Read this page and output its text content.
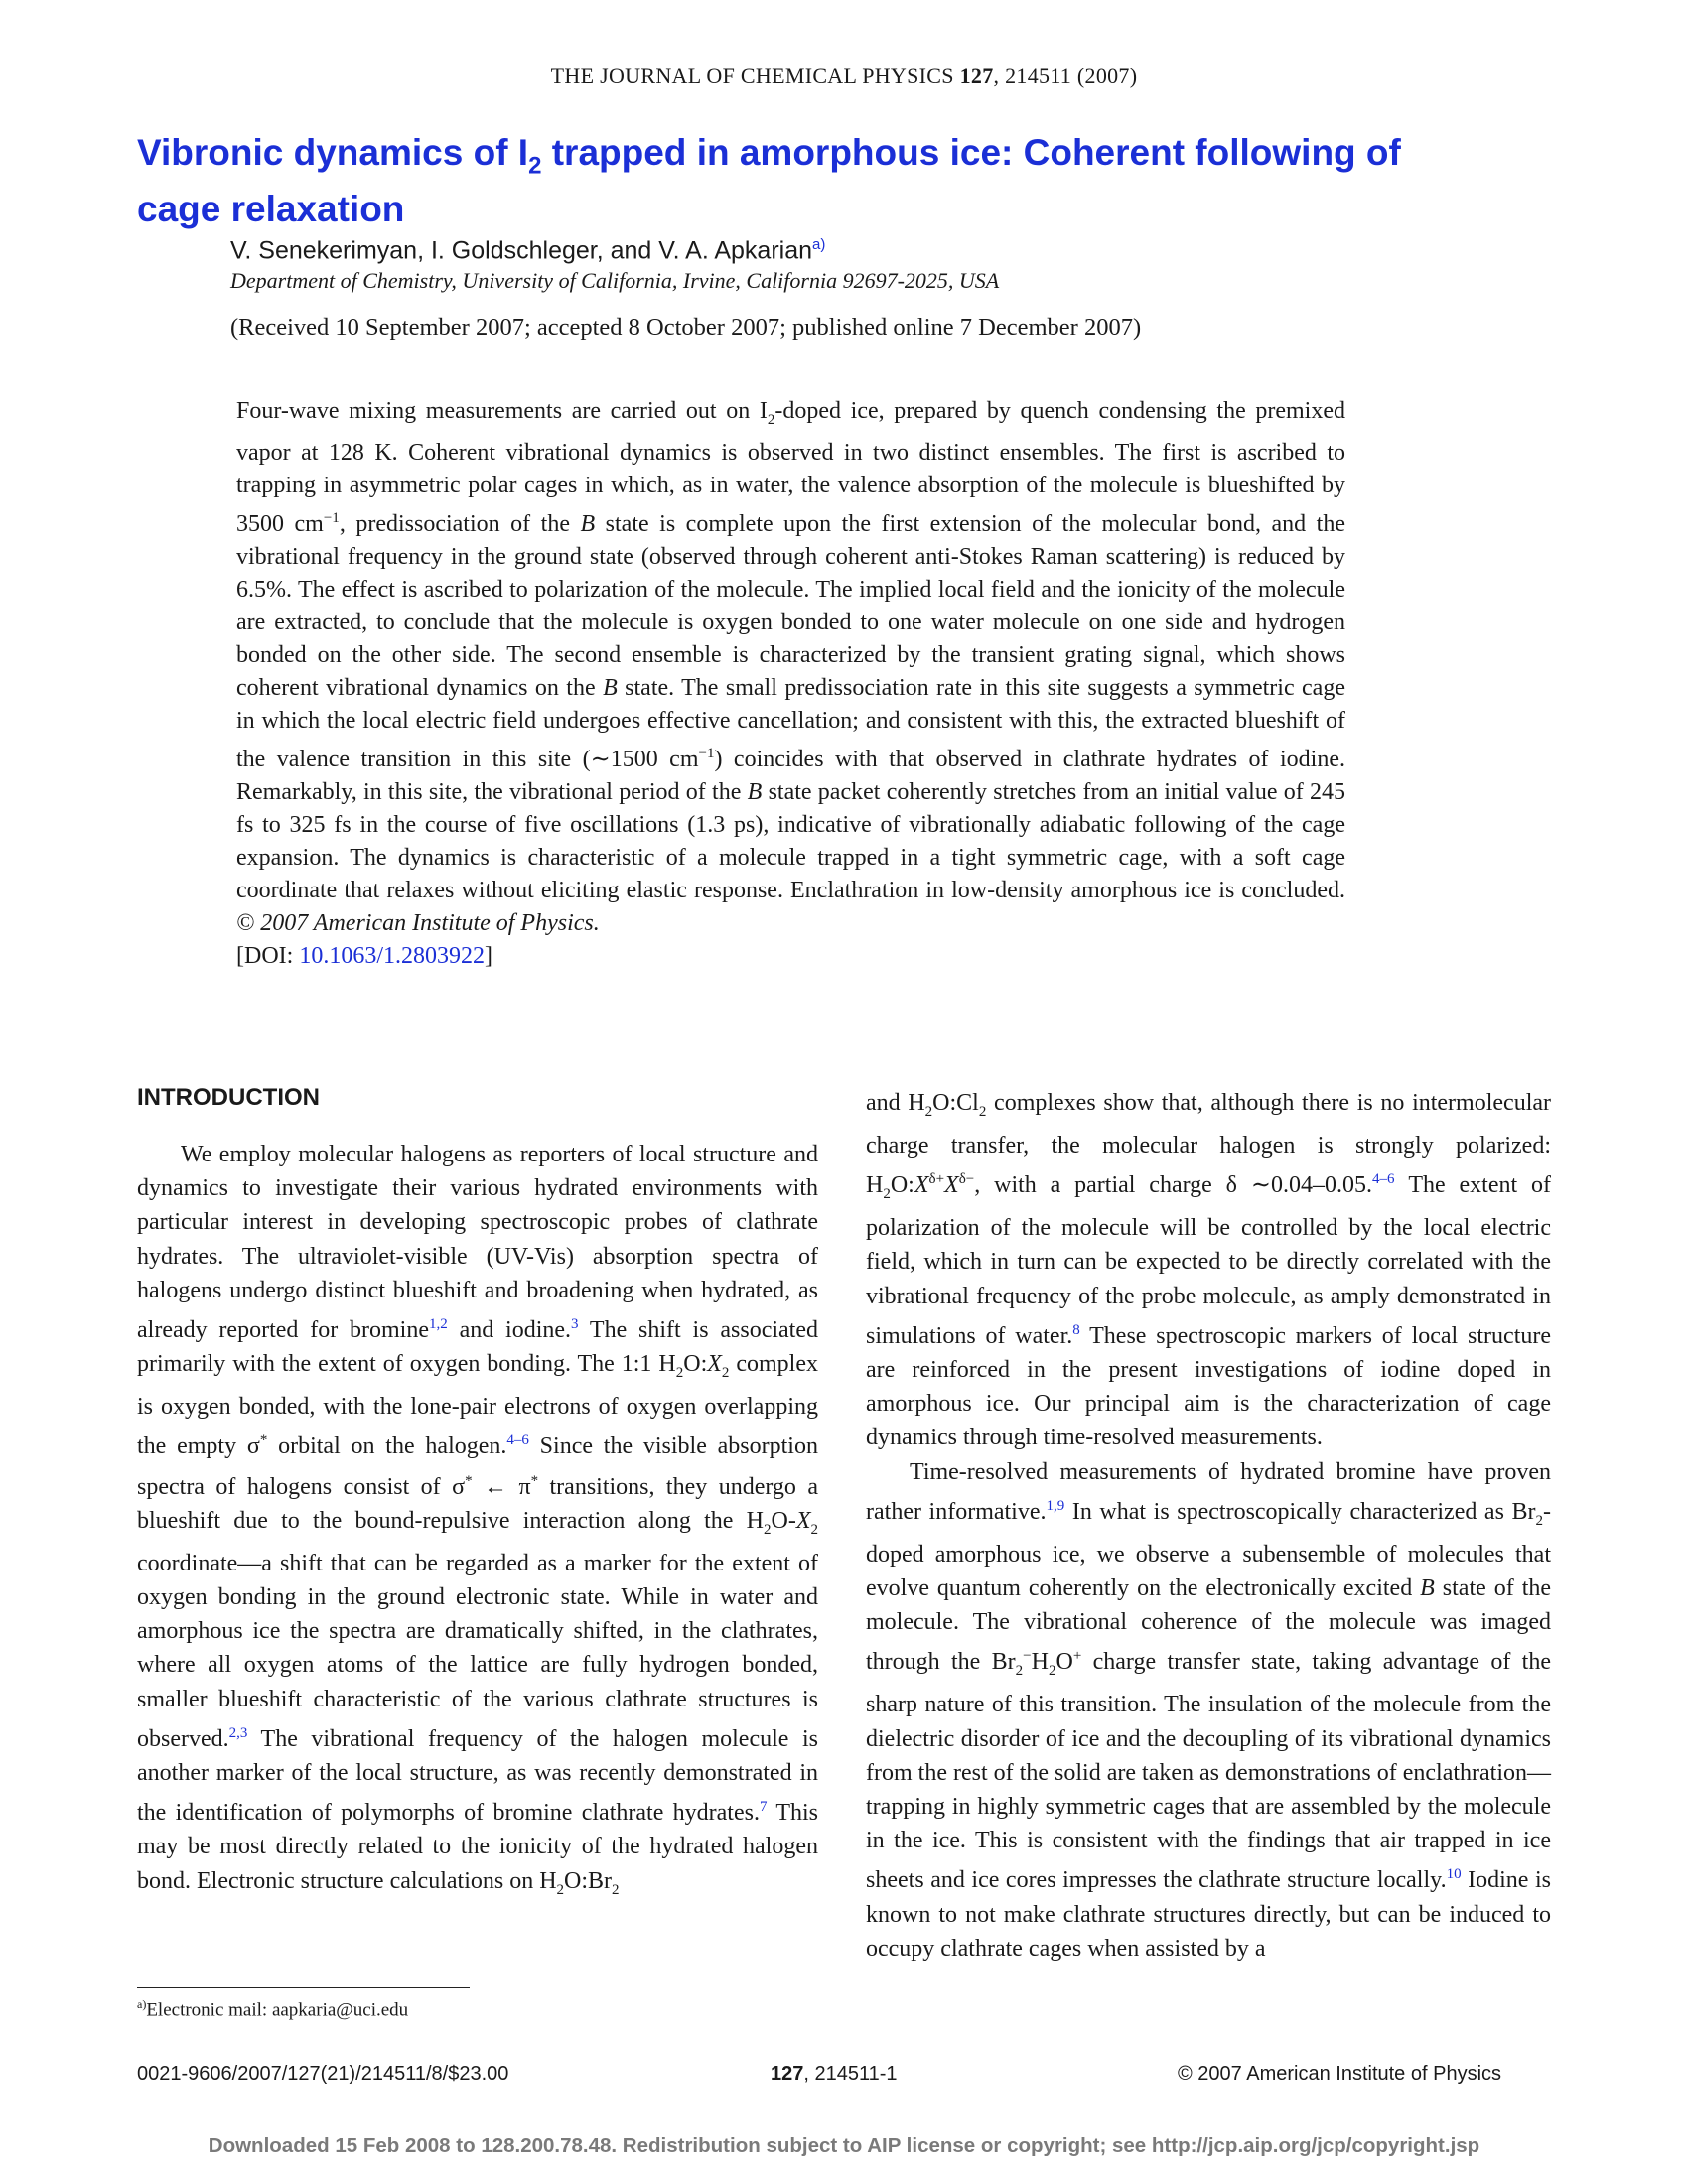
THE JOURNAL OF CHEMICAL PHYSICS 127, 214511 (2007)
Vibronic dynamics of $I_2$ trapped in amorphous ice: Coherent following of cage relaxation
V. Senekerimyan, I. Goldschleger, and V. A. Apkarian$^{a)}$
Department of Chemistry, University of California, Irvine, California 92697-2025, USA
(Received 10 September 2007; accepted 8 October 2007; published online 7 December 2007)
Four-wave mixing measurements are carried out on $I_2$-doped ice, prepared by quench condensing the premixed vapor at 128 K. Coherent vibrational dynamics is observed in two distinct ensembles. The first is ascribed to trapping in asymmetric polar cages in which, as in water, the valence absorption of the molecule is blueshifted by 3500 $cm^{-1}$, predissociation of the B state is complete upon the first extension of the molecular bond, and the vibrational frequency in the ground state (observed through coherent anti-Stokes Raman scattering) is reduced by 6.5%. The effect is ascribed to polarization of the molecule. The implied local field and the ionicity of the molecule are extracted, to conclude that the molecule is oxygen bonded to one water molecule on one side and hydrogen bonded on the other side. The second ensemble is characterized by the transient grating signal, which shows coherent vibrational dynamics on the B state. The small predissociation rate in this site suggests a symmetric cage in which the local electric field undergoes effective cancellation; and consistent with this, the extracted blueshift of the valence transition in this site (∼1500 $cm^{-1}$) coincides with that observed in clathrate hydrates of iodine. Remarkably, in this site, the vibrational period of the B state packet coherently stretches from an initial value of 245 fs to 325 fs in the course of five oscillations (1.3 ps), indicative of vibrationally adiabatic following of the cage expansion. The dynamics is characteristic of a molecule trapped in a tight symmetric cage, with a soft cage coordinate that relaxes without eliciting elastic response. Enclathration in low-density amorphous ice is concluded. © 2007 American Institute of Physics.
[DOI: 10.1063/1.2803922]
INTRODUCTION

We employ molecular halogens as reporters of local structure and dynamics to investigate their various hydrated environments with particular interest in developing spectroscopic probes of clathrate hydrates. The ultraviolet-visible (UV-Vis) absorption spectra of halogens undergo distinct blueshift and broadening when hydrated, as already reported for bromine$^{1,2}$ and iodine.$^3$ The shift is associated primarily with the extent of oxygen bonding. The 1:1 $H_2O:X_2$ complex is oxygen bonded, with the lone-pair electrons of oxygen overlapping the empty σ* orbital on the halogen.$^{4-6}$ Since the visible absorption spectra of halogens consist of σ* ← π* transitions, they undergo a blueshift due to the bound-repulsive interaction along the $H_2O-X_2$ coordinate—a shift that can be regarded as a marker for the extent of oxygen bonding in the ground electronic state. While in water and amorphous ice the spectra are dramatically shifted, in the clathrates, where all oxygen atoms of the lattice are fully hydrogen bonded, smaller blueshift characteristic of the various clathrate structures is observed.$^{2,3}$ The vibrational frequency of the halogen molecule is another marker of the local structure, as was recently demonstrated in the identification of polymorphs of bromine clathrate hydrates.$^7$ This may be most directly related to the ionicity of the hydrated halogen bond. Electronic structure calculations on $H_2O:Br_2$

and $H_2O:Cl_2$ complexes show that, although there is no intermolecular charge transfer, the molecular halogen is strongly polarized: $H_2O:X^{\delta+}X^{\delta-}$, with a partial charge δ ∼0.04–0.05.$^{4-6}$ The extent of polarization of the molecule will be controlled by the local electric field, which in turn can be expected to be directly correlated with the vibrational frequency of the probe molecule, as amply demonstrated in simulations of water.$^8$ These spectroscopic markers of local structure are reinforced in the present investigations of iodine doped in amorphous ice. Our principal aim is the characterization of cage dynamics through time-resolved measurements.

Time-resolved measurements of hydrated bromine have proven rather informative.$^{1,9}$ In what is spectroscopically characterized as $Br_2$-doped amorphous ice, we observe a subensemble of molecules that evolve quantum coherently on the electronically excited B state of the molecule. The vibrational coherence of the molecule was imaged through the $Br_2^-H_2O^+$ charge transfer state, taking advantage of the sharp nature of this transition. The insulation of the molecule from the dielectric disorder of ice and the decoupling of its vibrational dynamics from the rest of the solid are taken as demonstrations of enclathration—trapping in highly symmetric cages that are assembled by the molecule in the ice. This is consistent with the findings that air trapped in ice sheets and ice cores impresses the clathrate structure locally.$^{10}$ Iodine is known to not make clathrate structures directly, but can be induced to occupy clathrate cages when assisted by a

$^{a)}$Electronic mail: aapkaria@uci.edu
0021-9606/2007/127(21)/214511/8/$23.00	127, 214511-1	© 2007 American Institute of Physics
Downloaded 15 Feb 2008 to 128.200.78.48. Redistribution subject to AIP license or copyright; see http://jcp.aip.org/jcp/copyright.jsp
